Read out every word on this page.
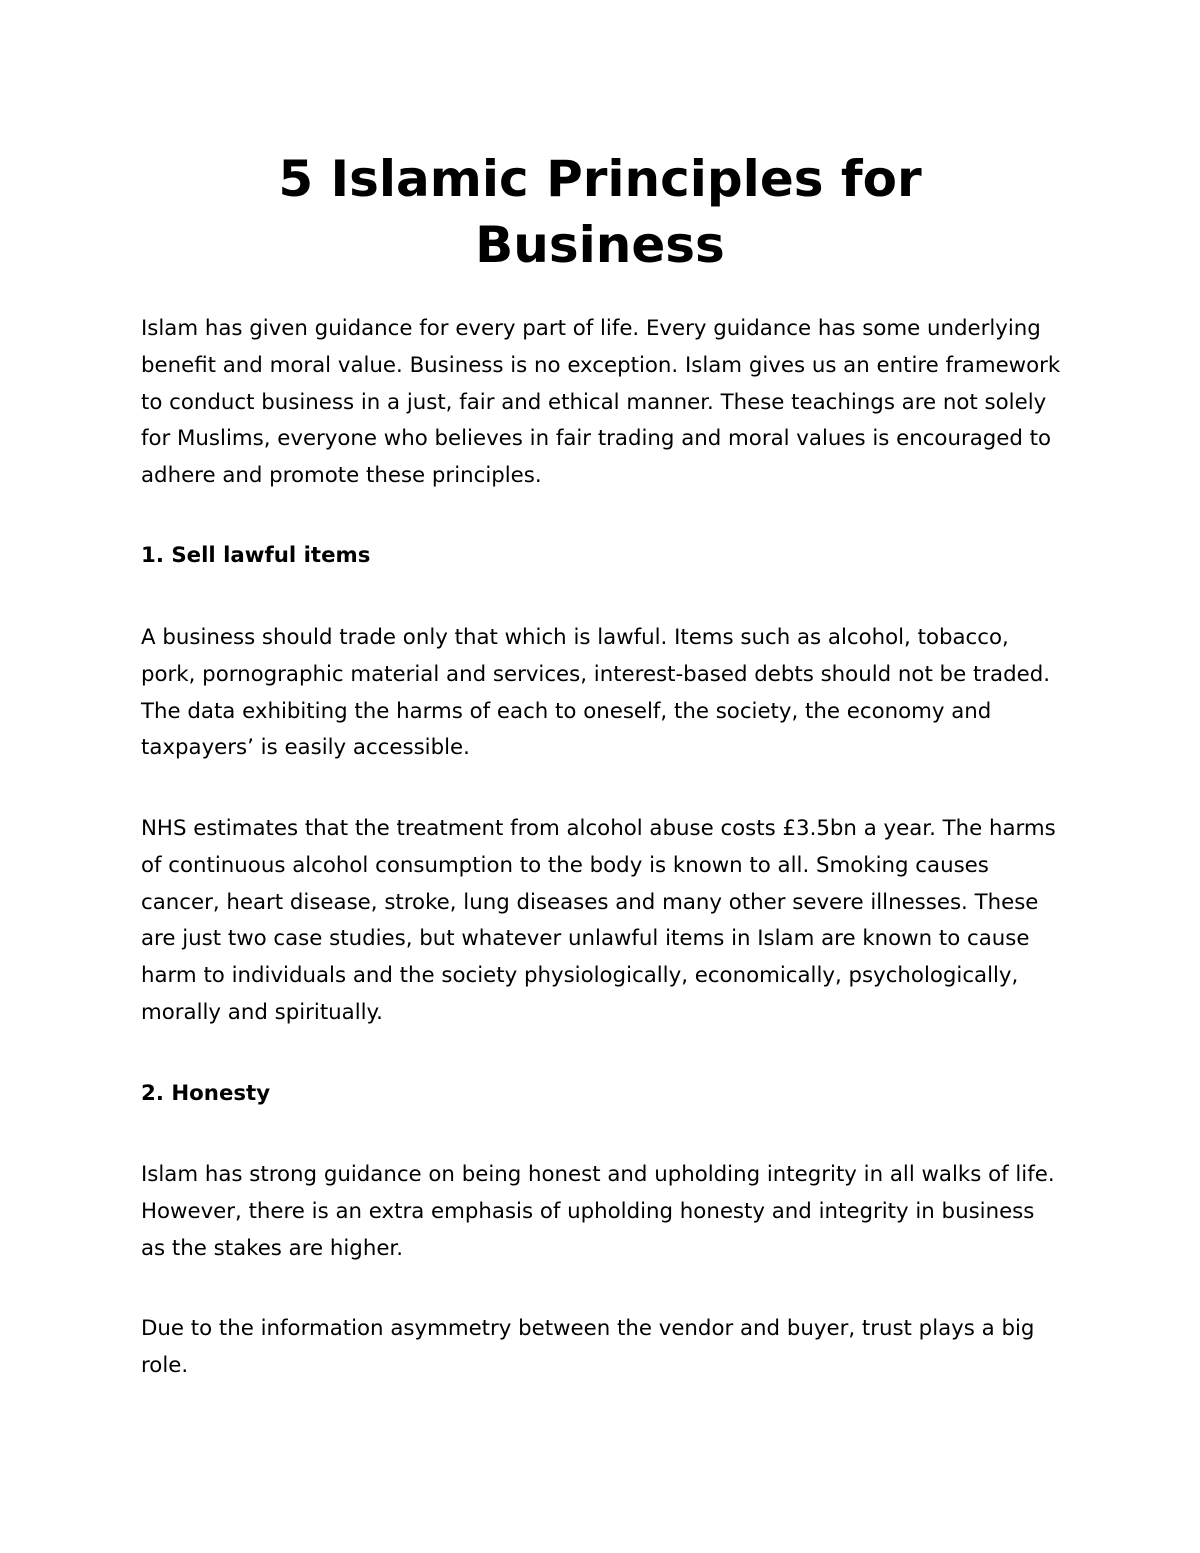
5 Islamic Principles for
Business

Islam has given guidance for every part of life. Every guidance has some underlying benefit and moral value. Business is no exception. Islam gives us an entire framework to conduct business in a just, fair and ethical manner. These teachings are not solely for Muslims, everyone who believes in fair trading and moral values is encouraged to adhere and promote these principles.

1. Sell lawful items

A business should trade only that which is lawful. Items such as alcohol, tobacco, pork, pornographic material and services, interest-based debts should not be traded. The data exhibiting the harms of each to oneself, the society, the economy and taxpayers’ is easily accessible.

NHS estimates that the treatment from alcohol abuse costs £3.5bn a year. The harms of continuous alcohol consumption to the body is known to all. Smoking causes cancer, heart disease, stroke, lung diseases and many other severe illnesses. These are just two case studies, but whatever unlawful items in Islam are known to cause harm to individuals and the society physiologically, economically, psychologically, morally and spiritually.

2. Honesty

Islam has strong guidance on being honest and upholding integrity in all walks of life. However, there is an extra emphasis of upholding honesty and integrity in business as the stakes are higher.

Due to the information asymmetry between the vendor and buyer, trust plays a big role.
